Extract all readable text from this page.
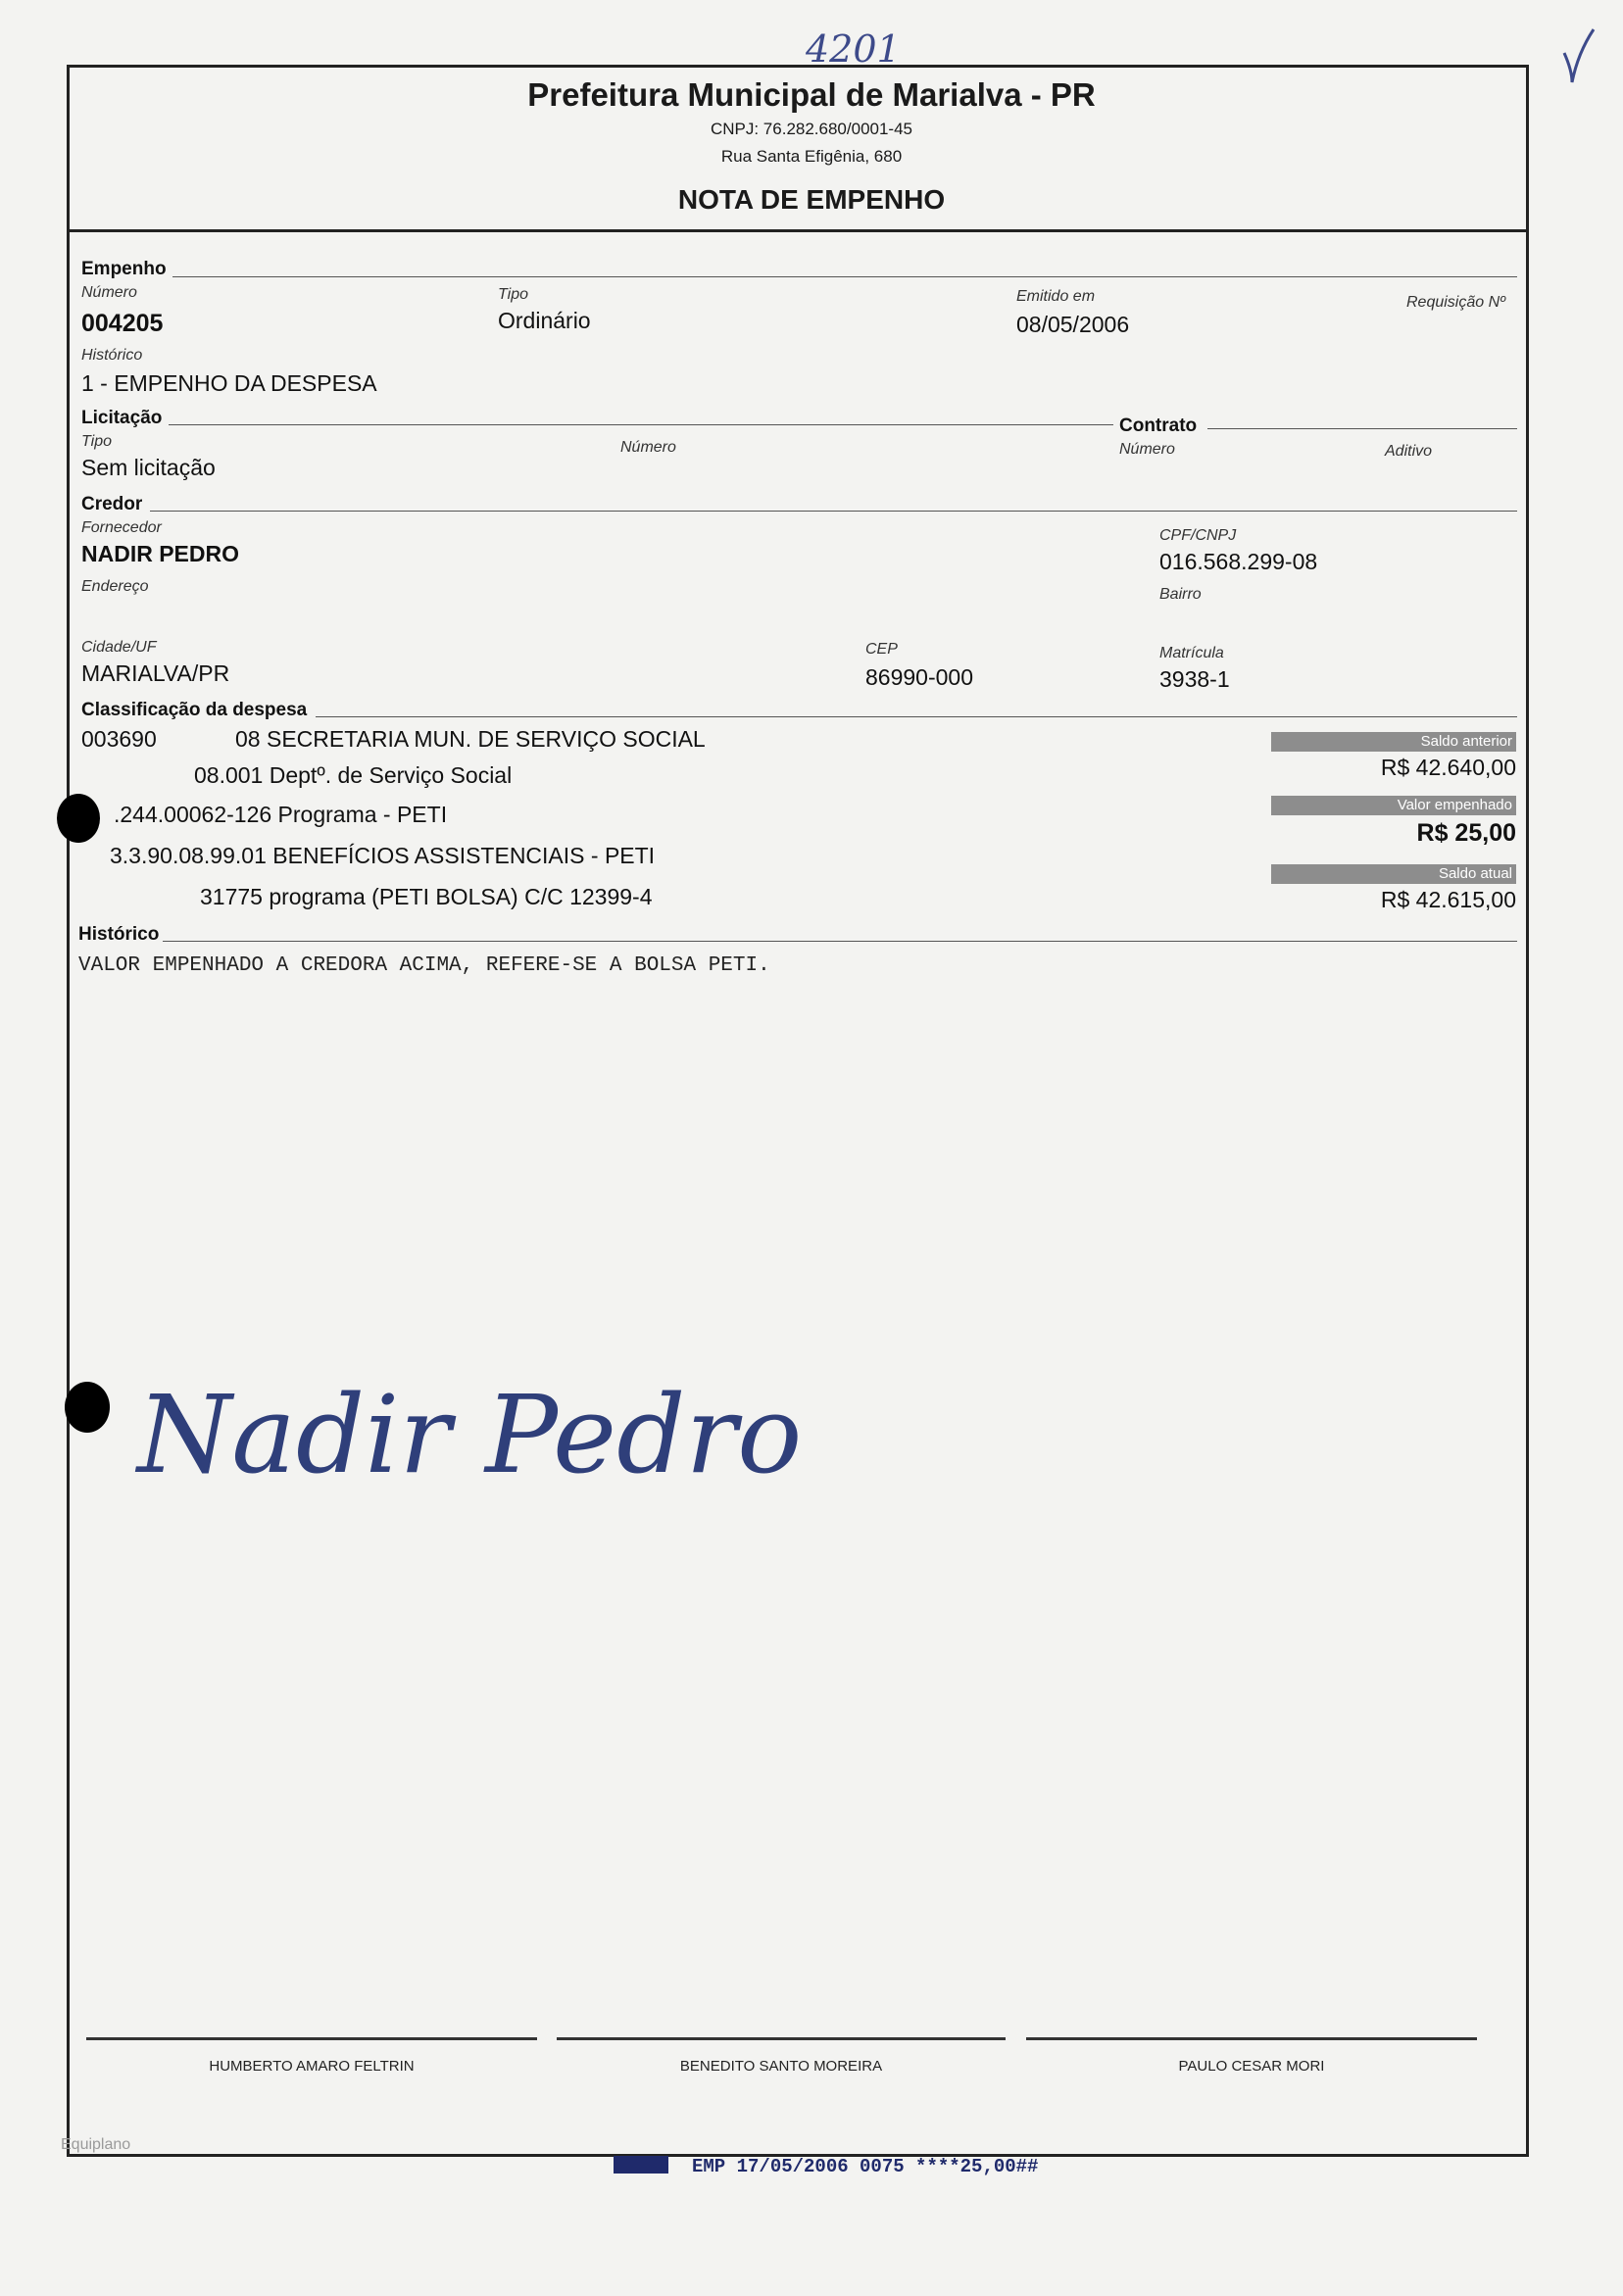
4201
Prefeitura Municipal de Marialva - PR
CNPJ: 76.282.680/0001-45
Rua Santa Efigênia, 680
NOTA DE EMPENHO
Empenho
Número
004205
Tipo
Ordinário
Emitido em
08/05/2006
Requisição Nº
Histórico
1 - EMPENHO DA DESPESA
Licitação	Contrato
Tipo
Sem licitação
Número	Número	Aditivo
Credor
Fornecedor
NADIR PEDRO
CPF/CNPJ
016.568.299-08
Endereço	Bairro
Cidade/UF
MARIALVA/PR
CEP
86990-000
Matrícula
3938-1
Classificação da despesa
003690	08 SECRETARIA MUN. DE SERVIÇO SOCIAL
08.001 Deptº. de Serviço Social
.244.00062-126 Programa - PETI
3.3.90.08.99.01 BENEFÍCIOS ASSISTENCIAIS - PETI
31775 programa (PETI BOLSA) C/C 12399-4
Saldo anterior
R$ 42.640,00
Valor empenhado
R$ 25,00
Saldo atual
R$ 42.615,00
Histórico
VALOR EMPENHADO A CREDORA ACIMA, REFERE-SE A BOLSA PETI.
Nadir Pedro
HUMBERTO AMARO FELTRIN	BENEDITO SANTO MOREIRA	PAULO CESAR MORI
Equiplano
EMP 17/05/2006 0075 ****25,00##
